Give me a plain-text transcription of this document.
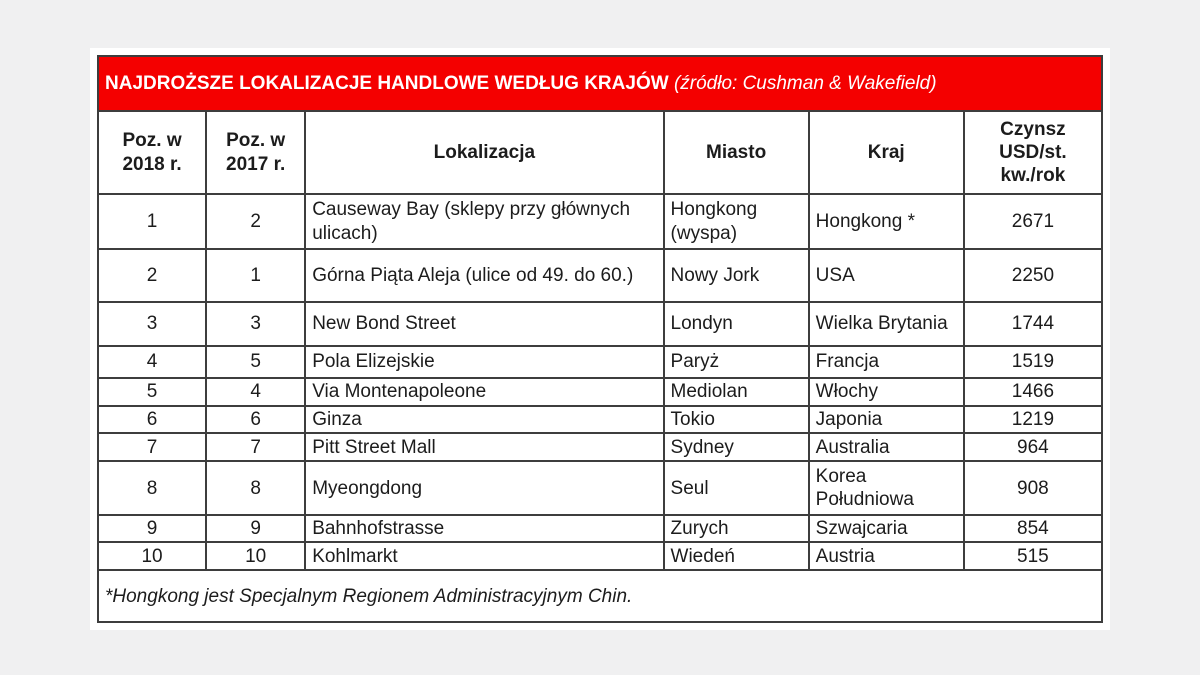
NAJDROŻSZE LOKALIZACJE HANDLOWE WEDŁUG KRAJÓW (źródło: Cushman & Wakefield)					
Poz. w 2018 r.	Poz. w 2017 r.	Lokalizacja	Miasto	Kraj	Czynsz USD/st. kw./rok
1	2	Causeway Bay (sklepy przy głównych ulicach)	Hongkong (wyspa)	Hongkong *	2671
2	1	Górna Piąta Aleja (ulice od 49. do 60.)	Nowy Jork	USA	2250
3	3	New Bond Street	Londyn	Wielka Brytania	1744
4	5	Pola Elizejskie	Paryż	Francja	1519
5	4	Via Montenapoleone	Mediolan	Włochy	1466
6	6	Ginza	Tokio	Japonia	1219
7	7	Pitt Street Mall	Sydney	Australia	964
8	8	Myeongdong	Seul	Korea Południowa	908
9	9	Bahnhofstrasse	Zurych	Szwajcaria	854
10	10	Kohlmarkt	Wiedeń	Austria	515
*Hongkong jest Specjalnym Regionem Administracyjnym Chin.					
